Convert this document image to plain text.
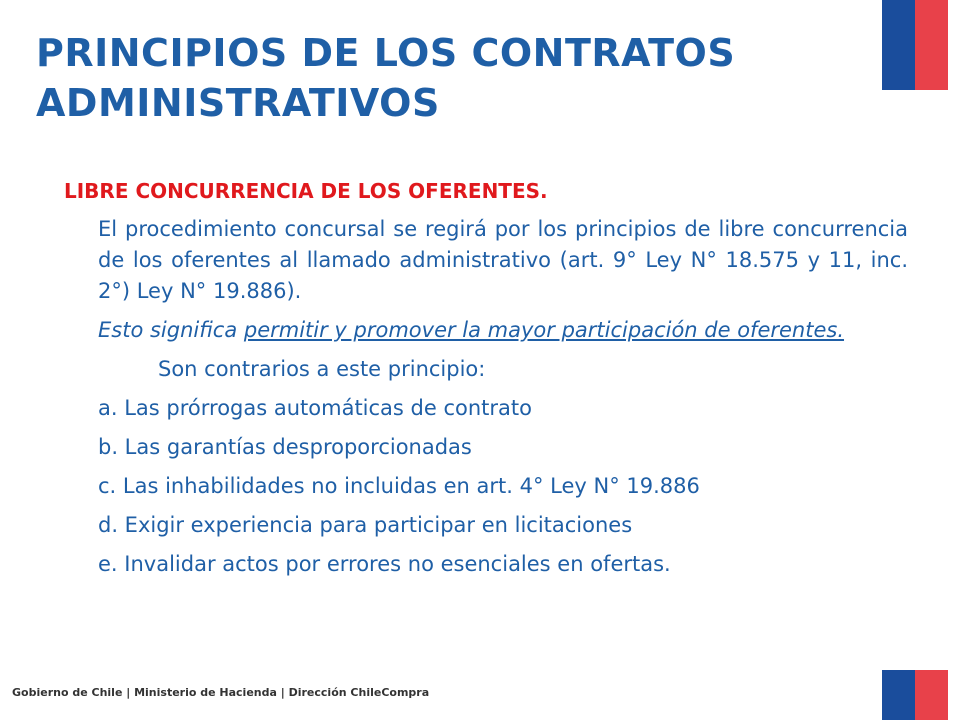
PRINCIPIOS DE LOS CONTRATOS ADMINISTRATIVOS
LIBRE CONCURRENCIA DE LOS OFERENTES.

El procedimiento concursal se regirá por los principios de libre concurrencia de los oferentes al llamado administrativo (art. 9° Ley N° 18.575 y 11, inc. 2°) Ley N° 19.886).

Esto significa permitir y promover la mayor participación de oferentes.

Son contrarios a este principio:

a. Las prórrogas automáticas de contrato
b. Las garantías desproporcionadas
c. Las inhabilidades no incluidas en art. 4° Ley N° 19.886
d. Exigir experiencia para participar en licitaciones
e. Invalidar actos por errores no esenciales en ofertas.
Gobierno de Chile | Ministerio de Hacienda | Dirección ChileCompra
